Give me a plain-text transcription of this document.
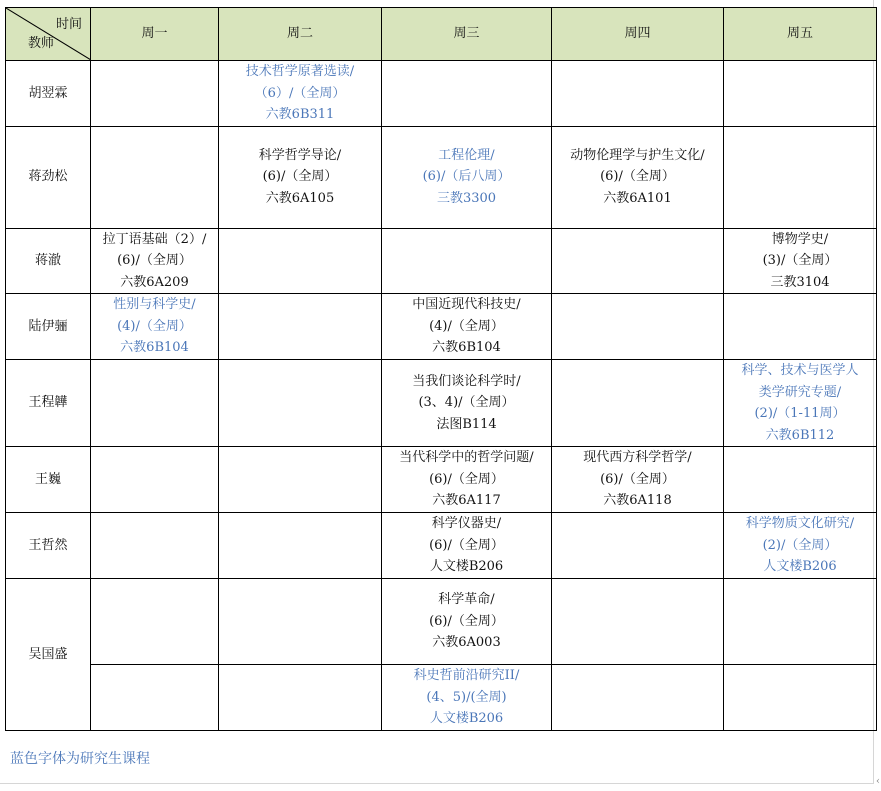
时间
教师	周一	周二	周三	周四	周五
胡翌霖		技术哲学原著选读/
（6）/（全周）
六教6B311			

蒋劲松		科学哲学导论/
(6)/（全周）
六教6A105	工程伦理/
(6)/（后八周）
三教3300	动物伦理学与护生文化/
(6)/（全周）
六教6A101	

蒋澈	拉丁语基础（2）/
(6)/（全周）
六教6A209				博物学史/
(3)/（全周）
三教3104

陆伊骊	性别与科学史/
(4)/（全周）
六教6B104		中国近现代科技史/
(4)/（全周）
六教6B104		

王程韡			当我们谈论科学时/
(3、4)/（全周）
法图B114		科学、技术与医学人
类学研究专题/
(2)/（1-11周）
六教6B112

王巍			当代科学中的哲学问题/
(6)/（全周）
六教6A117	现代西方科学哲学/
(6)/（全周）
六教6A118	

王哲然			科学仪器史/
(6)/（全周）
人文楼B206		科学物质文化研究/
(2)/（全周）
人文楼B206

吴国盛			科学革命/
(6)/（全周）
六教6A003		

			科史哲前沿研究II/
(4、5)/(全周)
人文楼B206		

蓝色字体为研究生课程
‹
